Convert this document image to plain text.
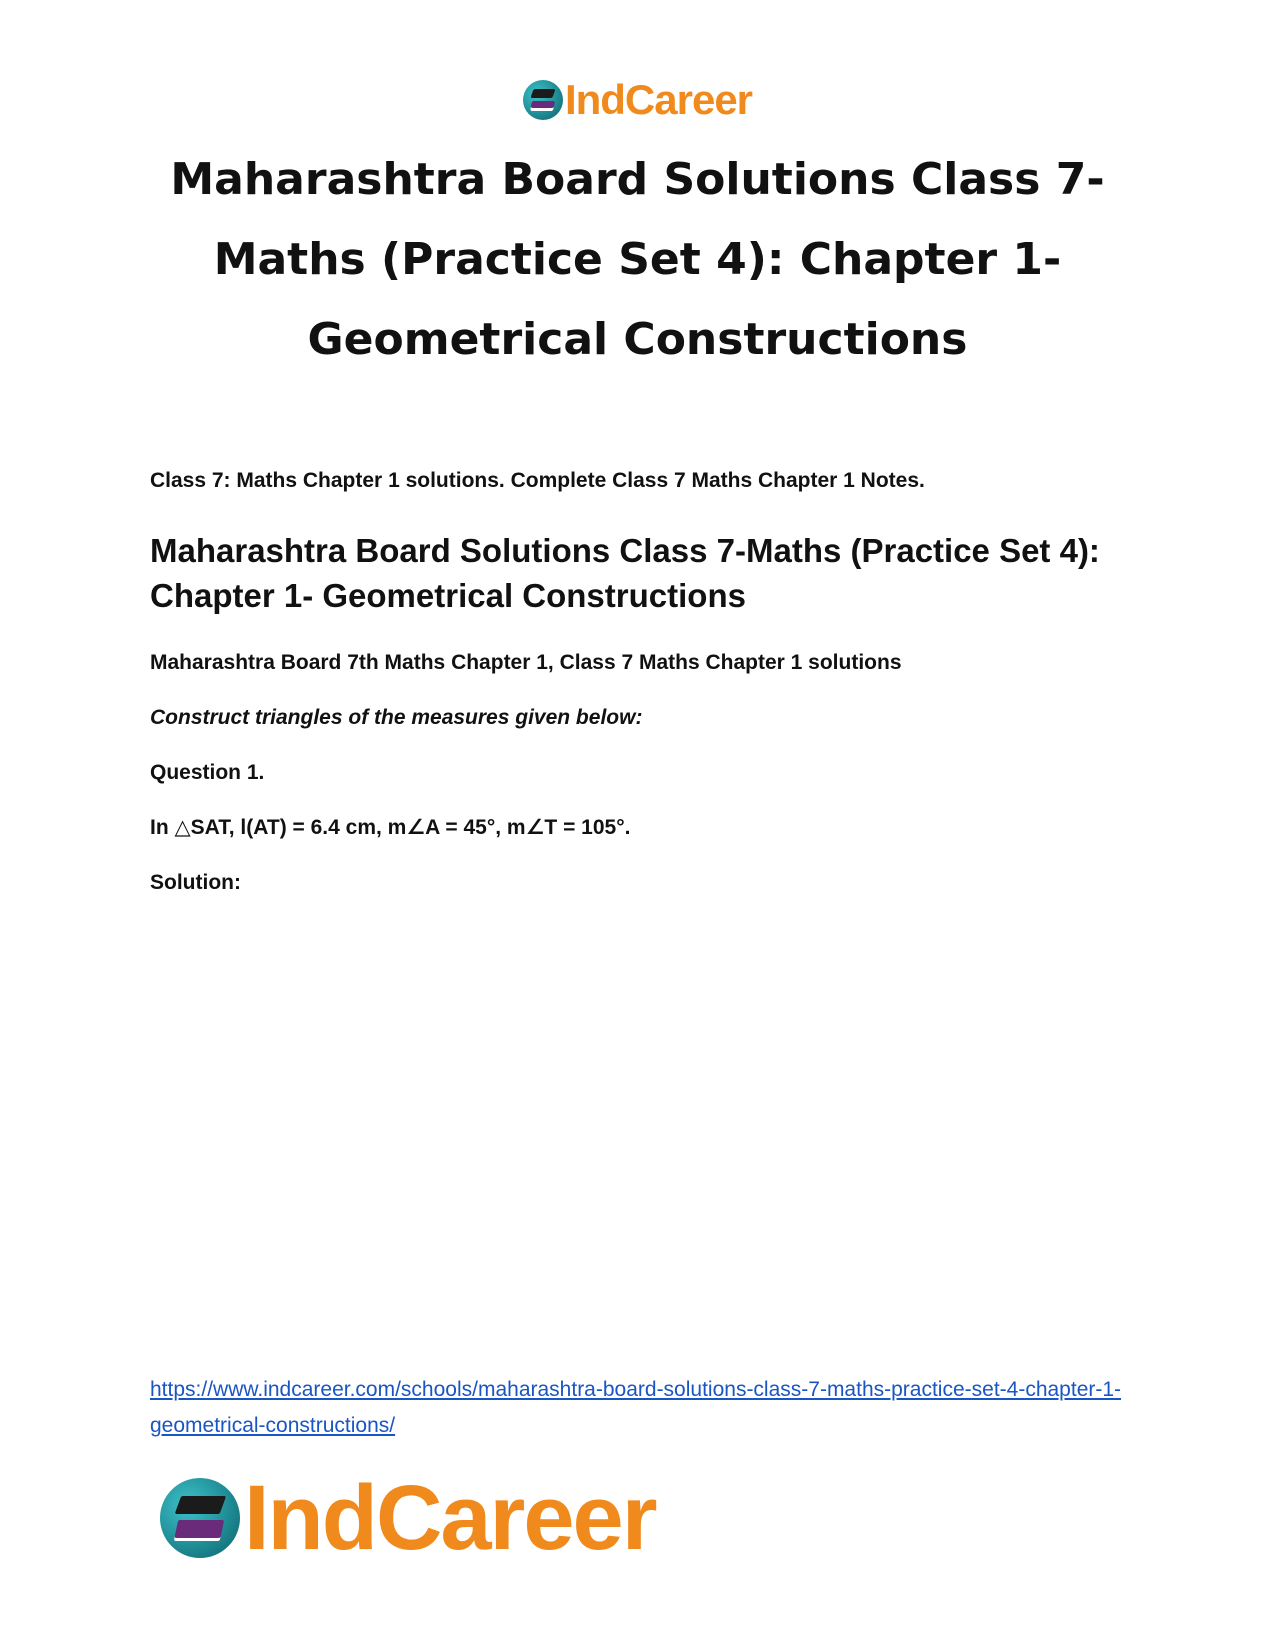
IndCareer
Maharashtra Board Solutions Class 7-Maths (Practice Set 4): Chapter 1- Geometrical Constructions

Class 7: Maths Chapter 1 solutions. Complete Class 7 Maths Chapter 1 Notes.

Maharashtra Board Solutions Class 7-Maths (Practice Set 4): Chapter 1- Geometrical Constructions

Maharashtra Board 7th Maths Chapter 1, Class 7 Maths Chapter 1 solutions

Construct triangles of the measures given below:

Question 1.

In △SAT, l(AT) = 6.4 cm, m∠A = 45°, m∠T = 105°.

Solution:

https://www.indcareer.com/schools/maharashtra-board-solutions-class-7-maths-practice-set-4-chapter-1-geometrical-constructions/
IndCareer
